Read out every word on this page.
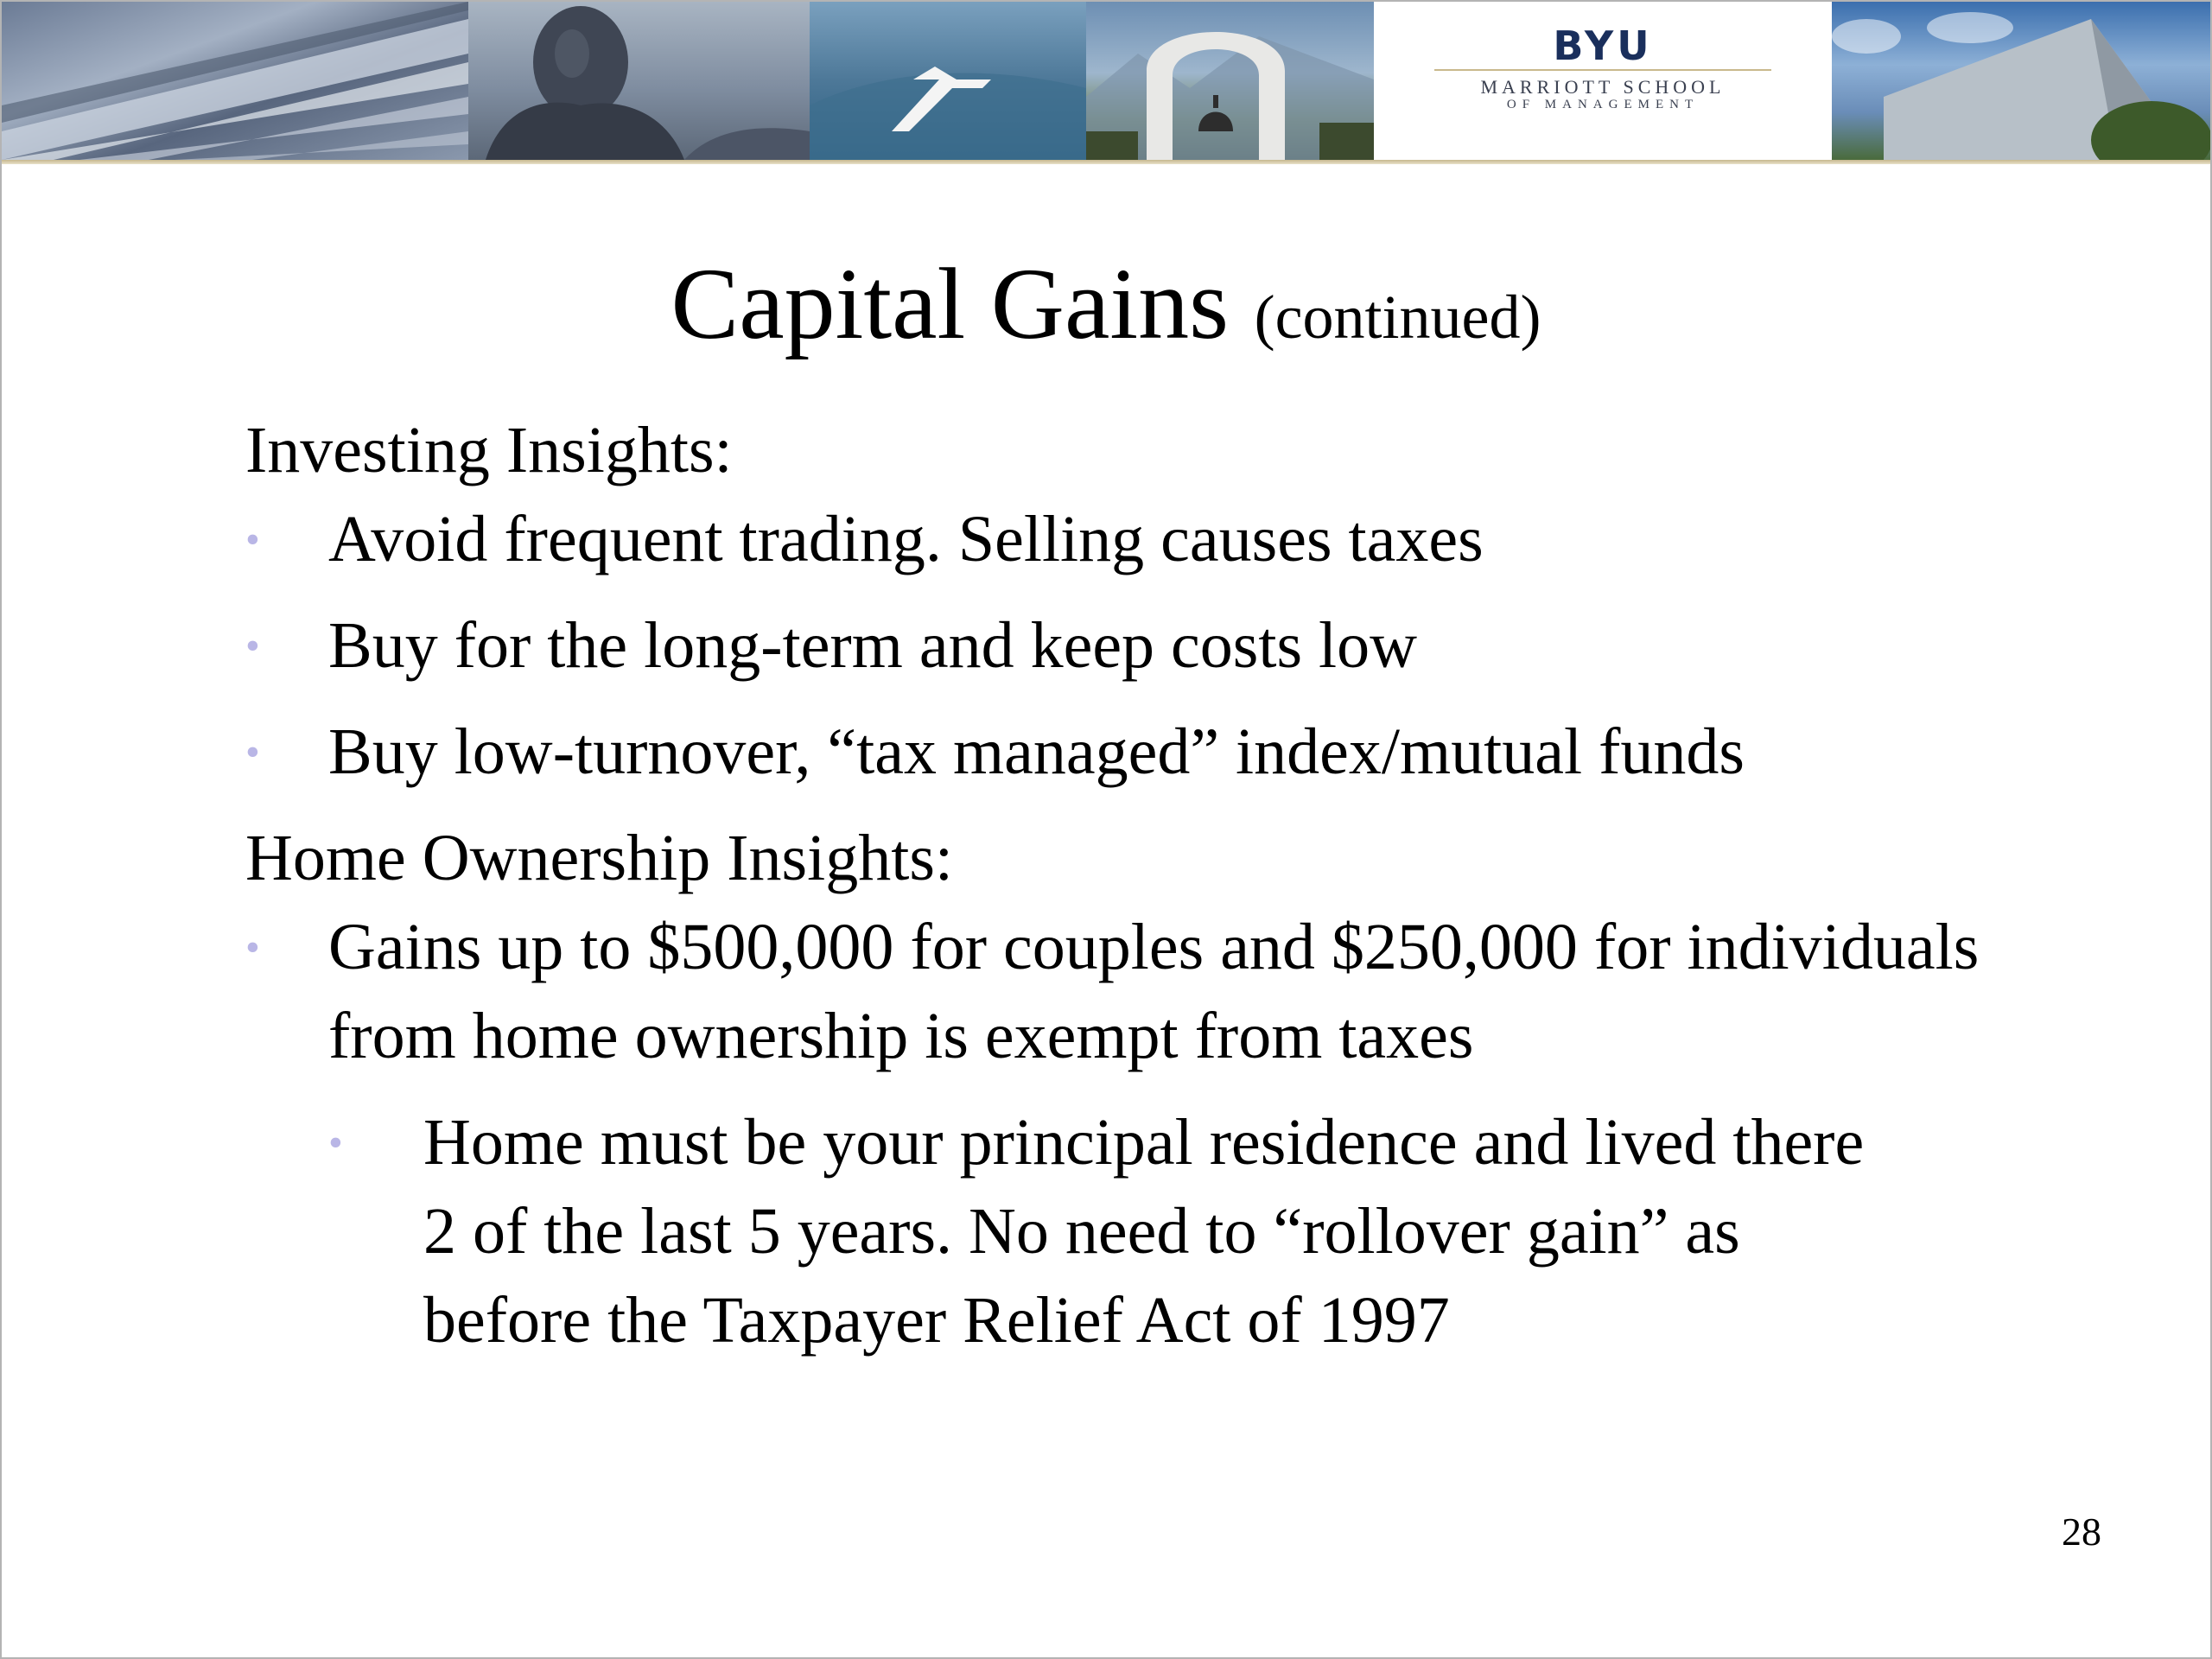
BYU
MARRIOTT SCHOOL
OF MANAGEMENT
Capital Gains (continued)
Investing Insights:
• Avoid frequent trading. Selling causes taxes
• Buy for the long-term and keep costs low
• Buy low-turnover, “tax managed” index/mutual funds
Home Ownership Insights:
• Gains up to $500,000 for couples and $250,000 for individuals from home ownership is exempt from taxes
• Home must be your principal residence and lived there 2 of the last 5 years. No need to “rollover gain” as before the Taxpayer Relief Act of 1997
28
